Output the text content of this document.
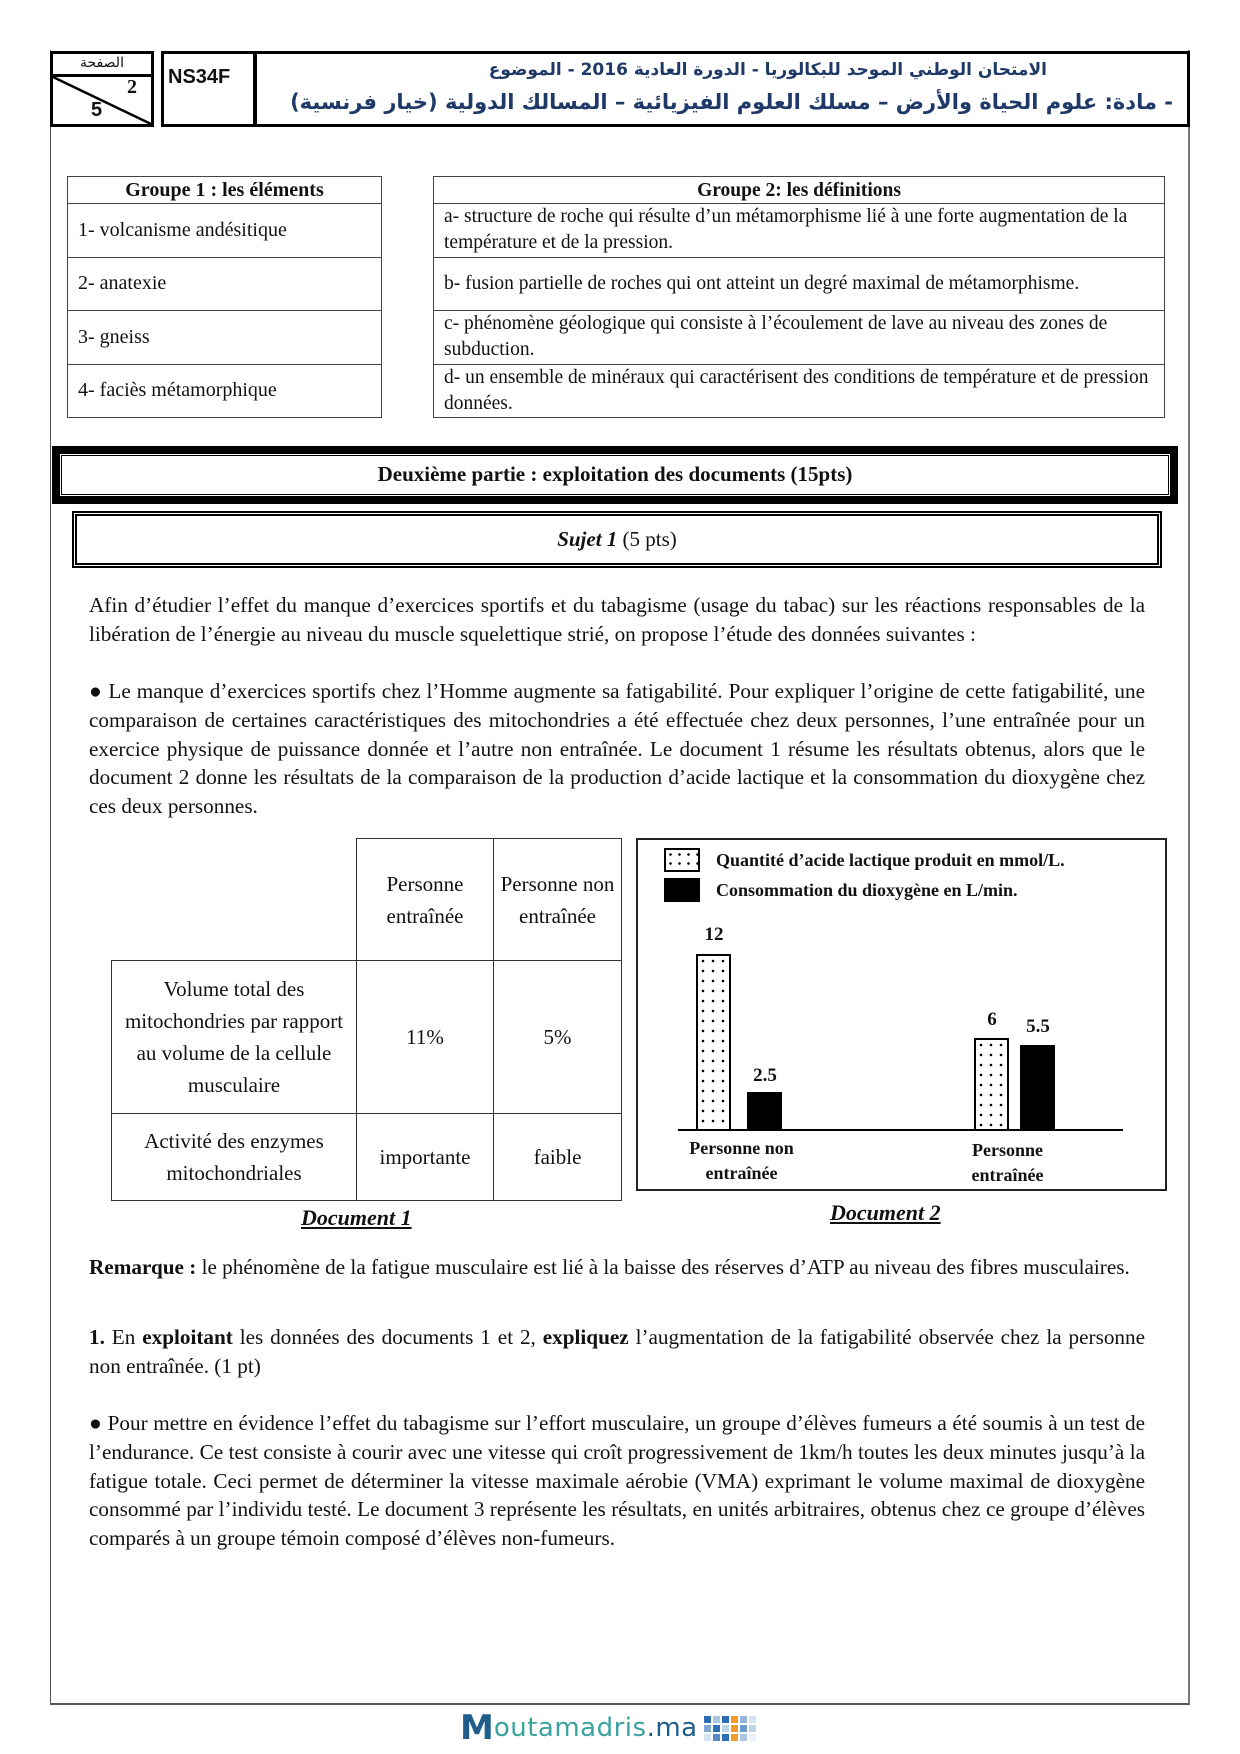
الصفحة
2
5
NS34F	الامتحان الوطني الموحد للبكالوريا - الدورة العادية 2016 - الموضوع
- مادة: علوم الحياة والأرض – مسلك العلوم الفيزيائية – المسالك الدولية (خيار فرنسية)
Groupe 1 : les éléments
1- volcanisme andésitique
2- anatexie
3- gneiss
4- faciès métamorphique
Groupe 2: les définitions
a- structure de roche qui résulte d’un métamorphisme lié à une forte augmentation de la température et de la pression.
b- fusion partielle de roches qui ont atteint un degré maximal de métamorphisme.
c- phénomène géologique qui consiste à l’écoulement de lave au niveau des zones de subduction.
d- un ensemble de minéraux qui caractérisent des conditions de température et de pression données.
Deuxième partie : exploitation des documents (15pts)
Sujet 1 (5 pts)

Afin d’étudier l’effet du manque d’exercices sportifs et du tabagisme (usage du tabac) sur les réactions responsables de la libération de l’énergie au niveau du muscle squelettique strié, on propose l’étude des données suivantes :

● Le manque d’exercices sportifs chez l’Homme augmente sa fatigabilité. Pour expliquer l’origine de cette fatigabilité, une comparaison de certaines caractéristiques des mitochondries a été effectuée chez deux personnes, l’une entraînée pour un exercice physique de puissance donnée et l’autre non entraînée. Le document 1 résume les résultats obtenus, alors que le document 2 donne les résultats de la comparaison de la production d’acide lactique et la consommation du dioxygène chez ces deux personnes.

	Personne entraînée	Personne non entraînée
Volume total des mitochondries par rapport au volume de la cellule musculaire	11%	5%
Activité des enzymes mitochondriales	importante	faible
Document 1
Quantité d’acide lactique produit en mmol/L.
Consommation du dioxygène en L/min.
12
2.5
6	5.5
Personne non
entraînée
Personne
entraînée
Document 2

Remarque : le phénomène de la fatigue musculaire est lié à la baisse des réserves d’ATP au niveau des fibres musculaires.

1. En exploitant les données des documents 1 et 2, expliquez l’augmentation de la fatigabilité observée chez la personne non entraînée. (1 pt)

● Pour mettre en évidence l’effet du tabagisme sur l’effort musculaire, un groupe d’élèves fumeurs a été soumis à un test de l’endurance. Ce test consiste à courir avec une vitesse qui croît progressivement de 1km/h toutes les deux minutes jusqu’à la fatigue totale. Ceci permet de déterminer la vitesse maximale aérobie (VMA) exprimant le volume maximal de dioxygène consommé par l’individu testé. Le document 3 représente les résultats, en unités arbitraires, obtenus chez ce groupe d’élèves comparés à un groupe témoin composé d’élèves non-fumeurs.

M outamadris.ma
